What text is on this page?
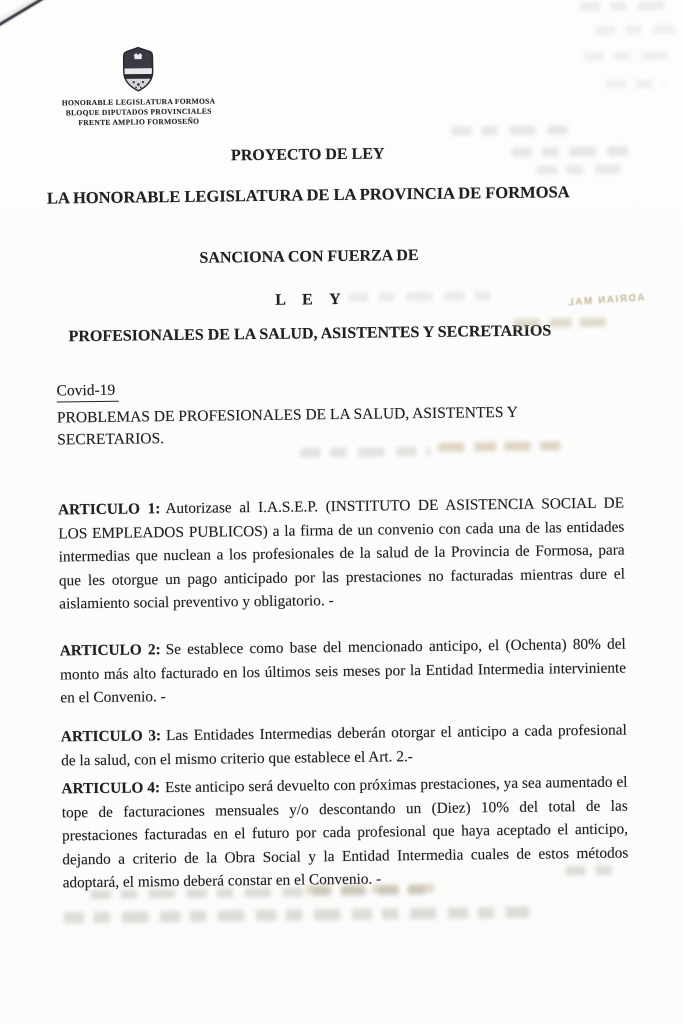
HONORABLE LEGISLATURA FORMOSA
BLOQUE DIPUTADOS PROVINCIALES
FRENTE AMPLIO FORMOSEÑO
PROYECTO DE LEY
LA HONORABLE LEGISLATURA DE LA PROVINCIA DE FORMOSA
SANCIONA CON FUERZA DE
L E Y
PROFESIONALES DE LA SALUD, ASISTENTES Y SECRETARIOS
Covid-19
PROBLEMAS DE PROFESIONALES DE LA SALUD, ASISTENTES Y SECRETARIOS.

ARTICULO 1: Autorizase al I.A.S.E.P. (INSTITUTO DE ASISTENCIA SOCIAL DE LOS EMPLEADOS PUBLICOS) a la firma de un convenio con cada una de las entidades intermedias que nuclean a los profesionales de la salud de la Provincia de Formosa, para que les otorgue un pago anticipado por las prestaciones no facturadas mientras dure el aislamiento social preventivo y obligatorio. -

ARTICULO 2: Se establece como base del mencionado anticipo, el (Ochenta) 80% del monto más alto facturado en los últimos seis meses por la Entidad Intermedia interviniente en el Convenio. -

ARTICULO 3: Las Entidades Intermedias deberán otorgar el anticipo a cada profesional de la salud, con el mismo criterio que establece el Art. 2.-

ARTICULO 4: Este anticipo será devuelto con próximas prestaciones, ya sea aumentado el tope de facturaciones mensuales y/o descontando un (Diez) 10% del total de las prestaciones facturadas en el futuro por cada profesional que haya aceptado el anticipo, dejando a criterio de la Obra Social y la Entidad Intermedia cuales de estos métodos adoptará, el mismo deberá constar en el Convenio. -

ADRIAN MAL
